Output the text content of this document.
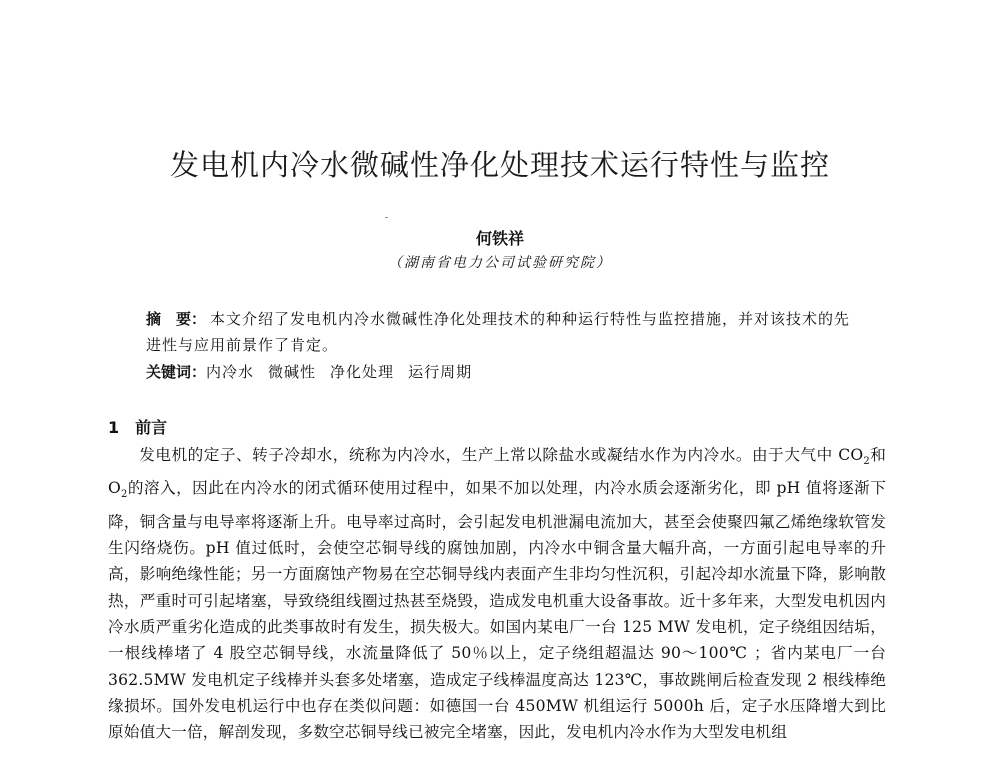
发电机内冷水微碱性净化处理技术运行特性与监控

何铁祥

（湖南省电力公司试验研究院）

摘　要： 本文介绍了发电机内冷水微碱性净化处理技术的种种运行特性与监控措施，并对该技术的先进性与应用前景作了肯定。

关键词：内冷水 微碱性 净化处理 运行周期

1 前言

发电机的定子、转子冷却水，统称为内冷水，生产上常以除盐水或凝结水作为内冷水。由于大气中 $CO_2$和 $O_2$的溶入，因此在内冷水的闭式循环使用过程中，如果不加以处理，内冷水质会逐渐劣化，即 pH 值将逐渐下降，铜含量与电导率将逐渐上升。电导率过高时，会引起发电机泄漏电流加大，甚至会使聚四氟乙烯绝缘软管发生闪络烧伤。pH 值过低时，会使空芯铜导线的腐蚀加剧，内冷水中铜含量大幅升高，一方面引起电导率的升高，影响绝缘性能；另一方面腐蚀产物易在空芯铜导线内表面产生非均匀性沉积，引起冷却水流量下降，影响散热，严重时可引起堵塞，导致绕组线圈过热甚至烧毁，造成发电机重大设备事故。近十多年来，大型发电机因内冷水质严重劣化造成的此类事故时有发生，损失极大。如国内某电厂一台 125 MW 发电机，定子绕组因结垢，一根线棒堵了 4 股空芯铜导线，水流量降低了 50％以上，定子绕组超温达 90～100℃ ；省内某电厂一台 362.5MW 发电机定子线棒并头套多处堵塞，造成定子线棒温度高达 123℃，事故跳闸后检查发现 2 根线棒绝缘损坏。国外发电机运行中也存在类似问题：如德国一台 450MW 机组运行 5000h 后，定子水压降增大到比原始值大一倍，解剖发现，多数空芯铜导线已被完全堵塞，因此，发电机内冷水作为大型发电机组
